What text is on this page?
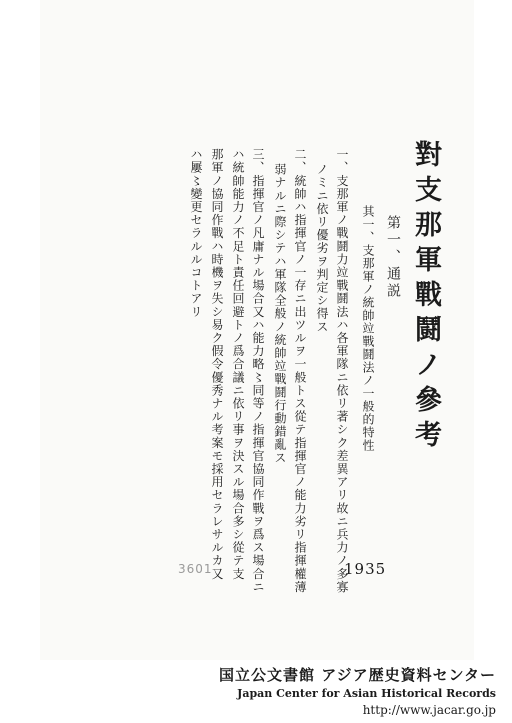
對支那軍戰鬪ノ參考
第一、通説
其一、支那軍ノ統帥竝戰鬪法ノ一般的特性
一、支那軍ノ戰鬪力竝戰鬪法ハ各軍隊ニ依リ著シク差異アリ故ニ兵力ノ多寡
ノミニ依リ優劣ヲ判定シ得ス
二、統帥ハ指揮官ノ一存ニ出ツルヲ一般トス從テ指揮官ノ能力劣リ指揮權薄
弱ナルニ際シテハ軍隊全般ノ統帥竝戰鬪行動錯亂ス
三、指揮官ノ凡庸ナル場合又ハ能力略〻同等ノ指揮官協同作戰ヲ爲ス場合ニ
ハ統帥能力ノ不足ト責任回避トノ爲合議ニ依リ事ヲ決スル場合多シ從テ支
那軍ノ協同作戰ハ時機ヲ失シ易ク假令優秀ナル考案モ採用セラレサルカ又
ハ屢〻變更セラルルコトアリ
1935
3601
国立公文書館 アジア歴史資料センター
Japan Center for Asian Historical Records
http://www.jacar.go.jp
